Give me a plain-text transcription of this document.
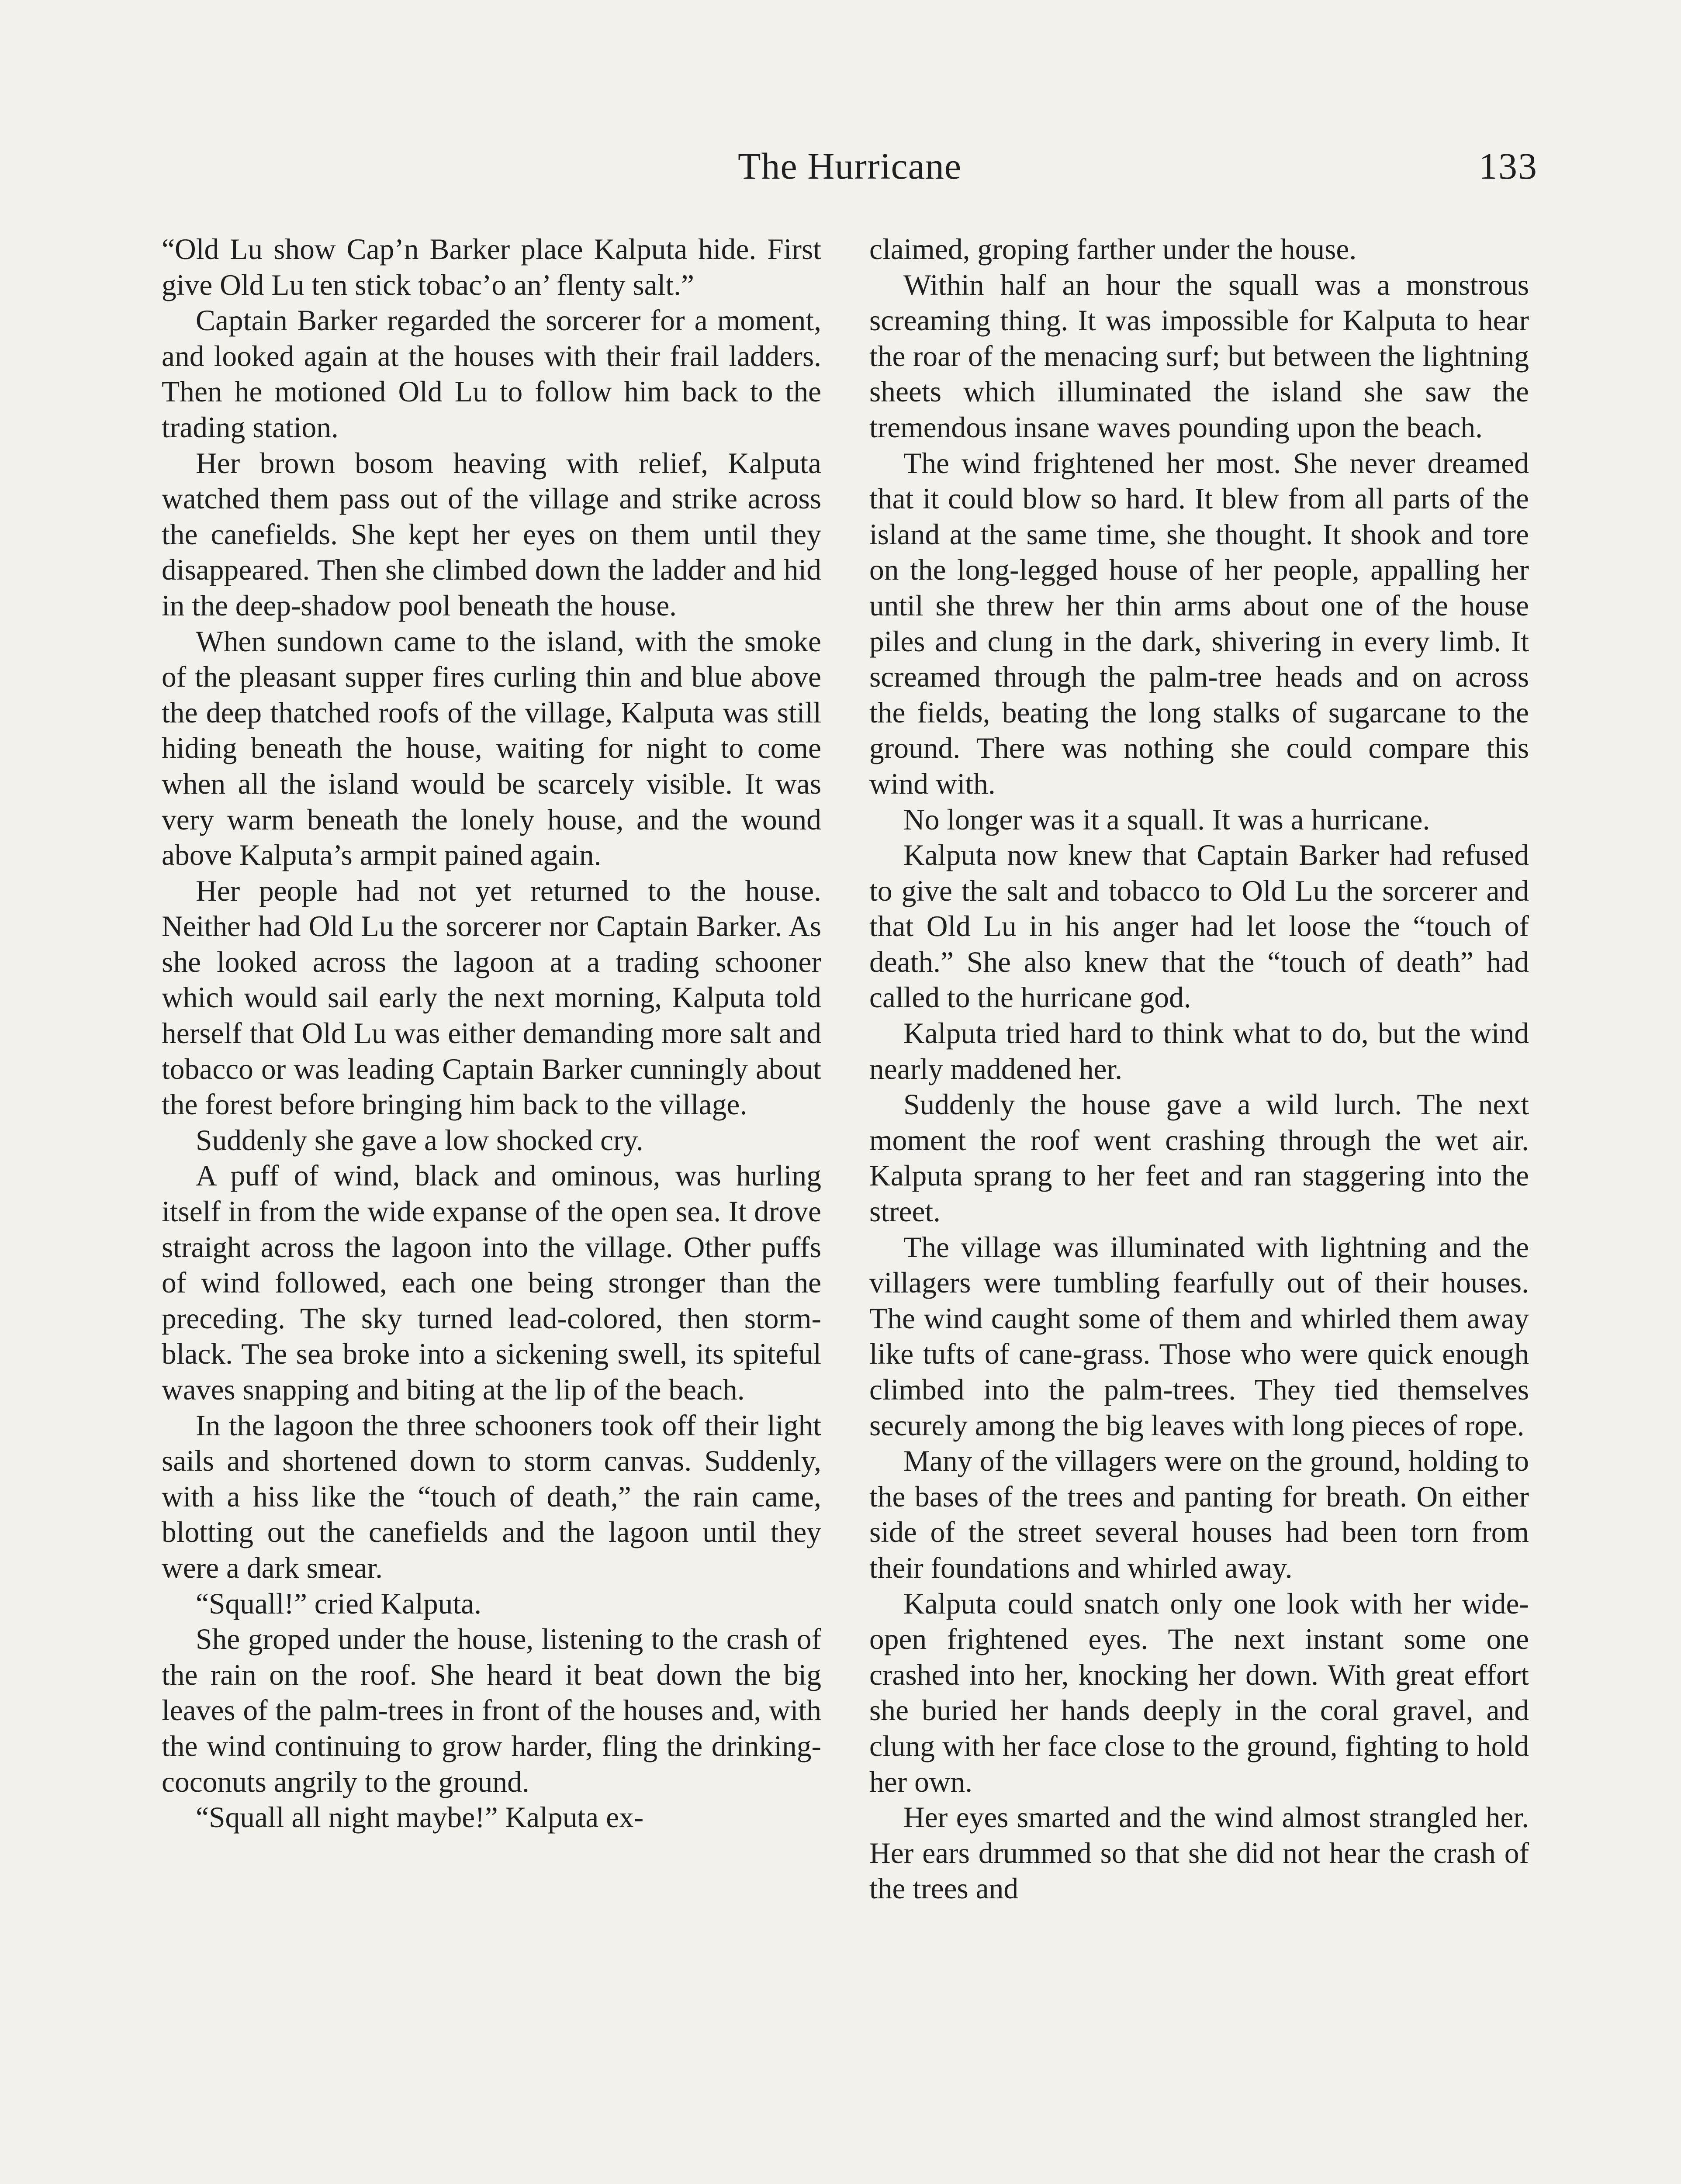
The Hurricane	133

“Old Lu show Cap’n Barker place Kalputa hide. First give Old Lu ten stick tobac’o an’ flenty salt.”

Captain Barker regarded the sorcerer for a moment, and looked again at the houses with their frail ladders. Then he motioned Old Lu to follow him back to the trading station.

Her brown bosom heaving with relief, Kalputa watched them pass out of the village and strike across the canefields. She kept her eyes on them until they disappeared. Then she climbed down the ladder and hid in the deep-shadow pool beneath the house.

When sundown came to the island, with the smoke of the pleasant supper fires curling thin and blue above the deep thatched roofs of the village, Kalputa was still hiding beneath the house, waiting for night to come when all the island would be scarcely visible. It was very warm beneath the lonely house, and the wound above Kalputa’s armpit pained again.

Her people had not yet returned to the house. Neither had Old Lu the sorcerer nor Captain Barker. As she looked across the lagoon at a trading schooner which would sail early the next morning, Kalputa told herself that Old Lu was either demanding more salt and tobacco or was leading Captain Barker cunningly about the forest before bringing him back to the village.

Suddenly she gave a low shocked cry.

A puff of wind, black and ominous, was hurling itself in from the wide expanse of the open sea. It drove straight across the lagoon into the village. Other puffs of wind followed, each one being stronger than the preceding. The sky turned lead-colored, then storm-black. The sea broke into a sickening swell, its spiteful waves snapping and biting at the lip of the beach.

In the lagoon the three schooners took off their light sails and shortened down to storm canvas. Suddenly, with a hiss like the “touch of death,” the rain came, blotting out the canefields and the lagoon until they were a dark smear.

“Squall!” cried Kalputa.

She groped under the house, listening to the crash of the rain on the roof. She heard it beat down the big leaves of the palm-trees in front of the houses and, with the wind continuing to grow harder, fling the drinking-coconuts angrily to the ground.

“Squall all night maybe!” Kalputa ex-

claimed, groping farther under the house.

Within half an hour the squall was a monstrous screaming thing. It was impossible for Kalputa to hear the roar of the menacing surf; but between the lightning sheets which illuminated the island she saw the tremendous insane waves pounding upon the beach.

The wind frightened her most. She never dreamed that it could blow so hard. It blew from all parts of the island at the same time, she thought. It shook and tore on the long-legged house of her people, appalling her until she threw her thin arms about one of the house piles and clung in the dark, shivering in every limb. It screamed through the palm-tree heads and on across the fields, beating the long stalks of sugarcane to the ground. There was nothing she could compare this wind with.

No longer was it a squall. It was a hurricane.

Kalputa now knew that Captain Barker had refused to give the salt and tobacco to Old Lu the sorcerer and that Old Lu in his anger had let loose the “touch of death.” She also knew that the “touch of death” had called to the hurricane god.

Kalputa tried hard to think what to do, but the wind nearly maddened her.

Suddenly the house gave a wild lurch. The next moment the roof went crashing through the wet air. Kalputa sprang to her feet and ran staggering into the street.

The village was illuminated with lightning and the villagers were tumbling fearfully out of their houses. The wind caught some of them and whirled them away like tufts of cane-grass. Those who were quick enough climbed into the palm-trees. They tied themselves securely among the big leaves with long pieces of rope.

Many of the villagers were on the ground, holding to the bases of the trees and panting for breath. On either side of the street several houses had been torn from their foundations and whirled away.

Kalputa could snatch only one look with her wide-open frightened eyes. The next instant some one crashed into her, knocking her down. With great effort she buried her hands deeply in the coral gravel, and clung with her face close to the ground, fighting to hold her own.

Her eyes smarted and the wind almost strangled her. Her ears drummed so that she did not hear the crash of the trees and
